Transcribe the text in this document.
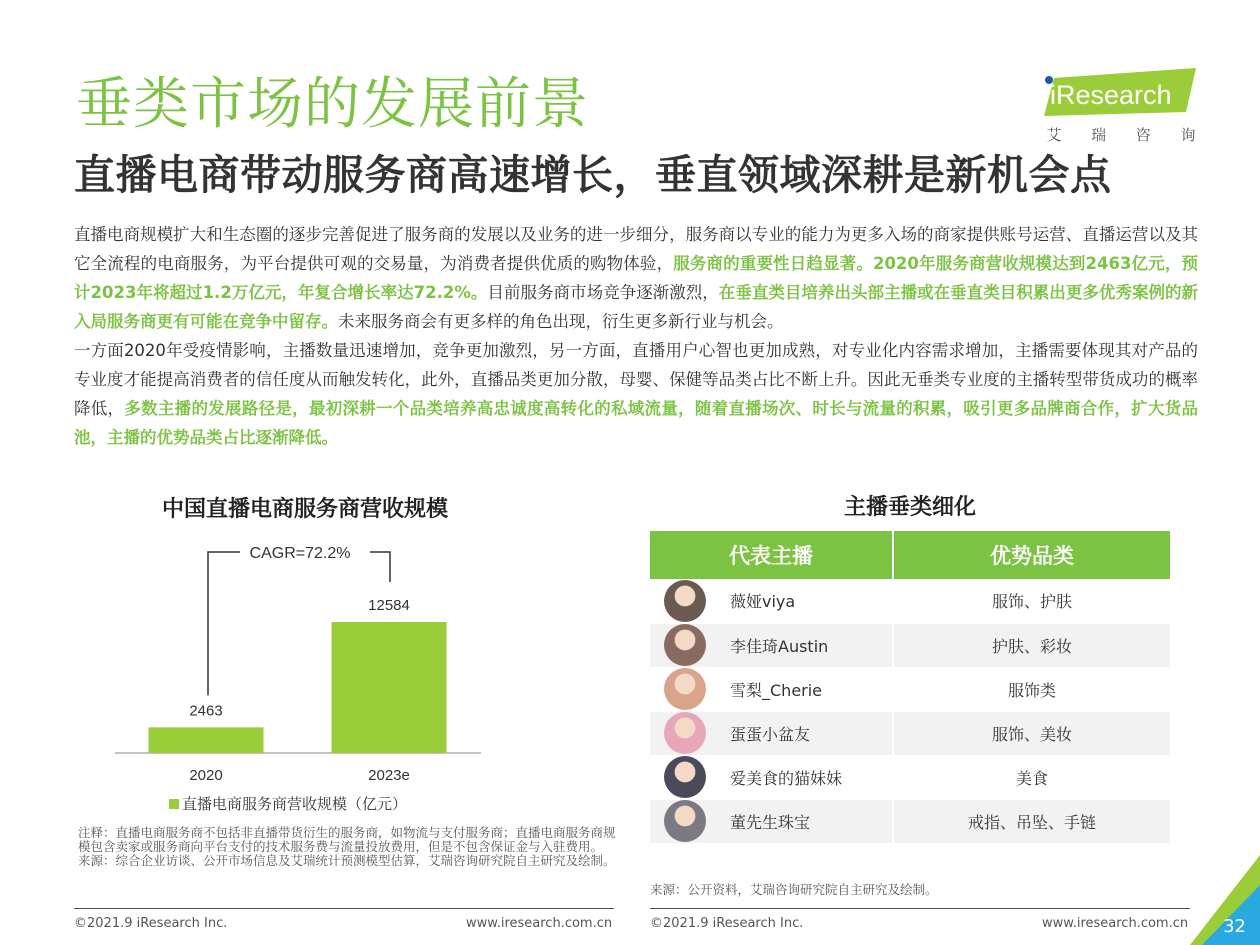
垂类市场的发展前景
直播电商带动服务商高速增长，垂直领域深耕是新机会点
iResearch
艾 瑞 咨 询

直播电商规模扩大和生态圈的逐步完善促进了服务商的发展以及业务的进一步细分，服务商以专业的能力为更多入场的商家提供账号运营、直播运营以及其它全流程的电商服务，为平台提供可观的交易量，为消费者提供优质的购物体验，服务商的重要性日趋显著。2020年服务商营收规模达到2463亿元，预计2023年将超过1.2万亿元，年复合增长率达72.2%。目前服务商市场竞争逐渐激烈，在垂直类目培养出头部主播或在垂直类目积累出更多优秀案例的新入局服务商更有可能在竞争中留存。未来服务商会有更多样的角色出现，衍生更多新行业与机会。

一方面2020年受疫情影响，主播数量迅速增加，竞争更加激烈，另一方面，直播用户心智也更加成熟，对专业化内容需求增加，主播需要体现其对产品的专业度才能提高消费者的信任度从而触发转化，此外，直播品类更加分散，母婴、保健等品类占比不断上升。因此无垂类专业度的主播转型带货成功的概率降低，多数主播的发展路径是，最初深耕一个品类培养高忠诚度高转化的私域流量，随着直播场次、时长与流量的积累，吸引更多品牌商合作，扩大货品池，主播的优势品类占比逐渐降低。

中国直播电商服务商营收规模
2463
2020
12584
2023e
CAGR=72.2%
直播电商服务商营收规模（亿元）
注释：直播电商服务商不包括非直播带货衍生的服务商，如物流与支付服务商；直播电商服务商规模包含卖家或服务商向平台支付的技术服务费与流量投放费用，但是不包含保证金与入驻费用。
来源：综合企业访谈、公开市场信息及艾瑞统计预测模型估算，艾瑞咨询研究院自主研究及绘制。
主播垂类细化
代表主播	优势品类

薇娅viya	服饰、护肤

李佳琦Austin	护肤、彩妆

雪梨_Cherie	服饰类

蛋蛋小盆友	服饰、美妆

爱美食的猫妹妹	美食

董先生珠宝	戒指、吊坠、手链
来源：公开资料，艾瑞咨询研究院自主研究及绘制。
©2021.9 iResearch Inc.	www.iresearch.com.cn	©2021.9 iResearch Inc.	www.iresearch.com.cn 32
